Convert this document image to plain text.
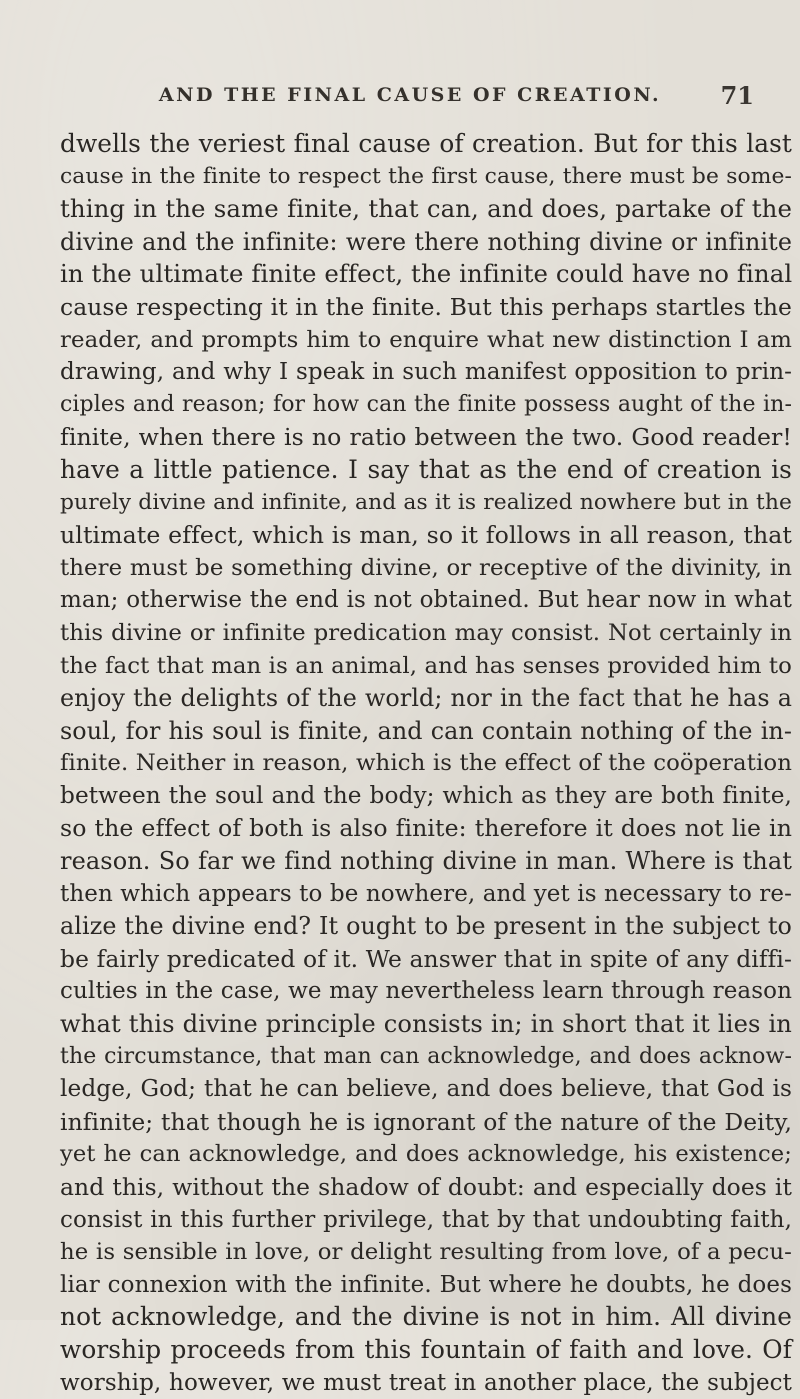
AND THE FINAL CAUSE OF CREATION.	71
dwells the veriest final cause of creation. But for this last
cause in the finite to respect the first cause, there must be some-
thing in the same finite, that can, and does, partake of the
divine and the infinite: were there nothing divine or infinite
in the ultimate finite effect, the infinite could have no final
cause respecting it in the finite. But this perhaps startles the
reader, and prompts him to enquire what new distinction I am
drawing, and why I speak in such manifest opposition to prin-
ciples and reason; for how can the finite possess aught of the in-
finite, when there is no ratio between the two. Good reader!
have a little patience. I say that as the end of creation is
purely divine and infinite, and as it is realized nowhere but in the
ultimate effect, which is man, so it follows in all reason, that
there must be something divine, or receptive of the divinity, in
man; otherwise the end is not obtained. But hear now in what
this divine or infinite predication may consist. Not certainly in
the fact that man is an animal, and has senses provided him to
enjoy the delights of the world; nor in the fact that he has a
soul, for his soul is finite, and can contain nothing of the in-
finite. Neither in reason, which is the effect of the coöperation
between the soul and the body; which as they are both finite,
so the effect of both is also finite: therefore it does not lie in
reason. So far we find nothing divine in man. Where is that
then which appears to be nowhere, and yet is necessary to re-
alize the divine end? It ought to be present in the subject to
be fairly predicated of it. We answer that in spite of any diffi-
culties in the case, we may nevertheless learn through reason
what this divine principle consists in; in short that it lies in
the circumstance, that man can acknowledge, and does acknow-
ledge, God; that he can believe, and does believe, that God is
infinite; that though he is ignorant of the nature of the Deity,
yet he can acknowledge, and does acknowledge, his existence;
and this, without the shadow of doubt: and especially does it
consist in this further privilege, that by that undoubting faith,
he is sensible in love, or delight resulting from love, of a pecu-
liar connexion with the infinite. But where he doubts, he does
not acknowledge, and the divine is not in him. All divine
worship proceeds from this fountain of faith and love. Of
worship, however, we must treat in another place, the subject
